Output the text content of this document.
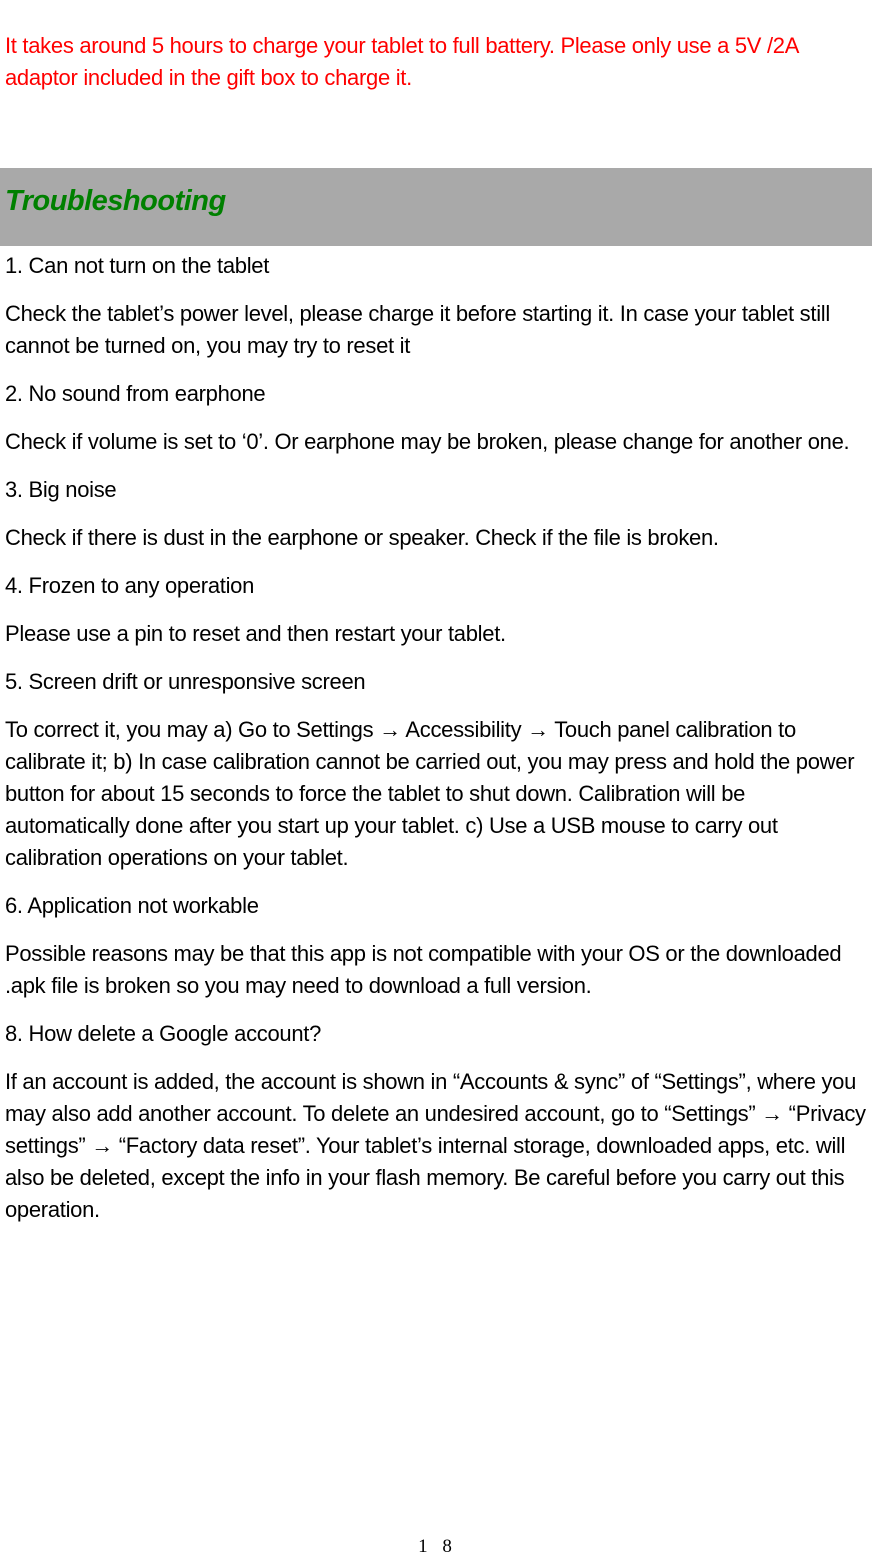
It takes around 5 hours to charge your tablet to full battery. Please only use a 5V /2A adaptor included in the gift box to charge it.

Troubleshooting

1. Can not turn on the tablet

Check the tablet’s power level, please charge it before starting it. In case your tablet still cannot be turned on, you may try to reset it

2. No sound from earphone

Check if volume is set to ‘0’. Or earphone may be broken, please change for another one.

3. Big noise

Check if there is dust in the earphone or speaker. Check if the file is broken.

4. Frozen to any operation

Please use a pin to reset and then restart your tablet.

5. Screen drift or unresponsive screen

To correct it, you may a) Go to Settings → Accessibility → Touch panel calibration to calibrate it; b) In case calibration cannot be carried out, you may press and hold the power button for about 15 seconds to force the tablet to shut down. Calibration will be automatically done after you start up your tablet. c) Use a USB mouse to carry out calibration operations on your tablet.

6. Application not workable

Possible reasons may be that this app is not compatible with your OS or the downloaded .apk file is broken so you may need to download a full version.

8. How delete a Google account?

If an account is added, the account is shown in “Accounts & sync” of “Settings”, where you may also add another account. To delete an undesired account, go to “Settings” → “Privacy settings” → “Factory data reset”. Your tablet’s internal storage, downloaded apps, etc. will also be deleted, except the info in your flash memory. Be careful before you carry out this operation.

1 8
